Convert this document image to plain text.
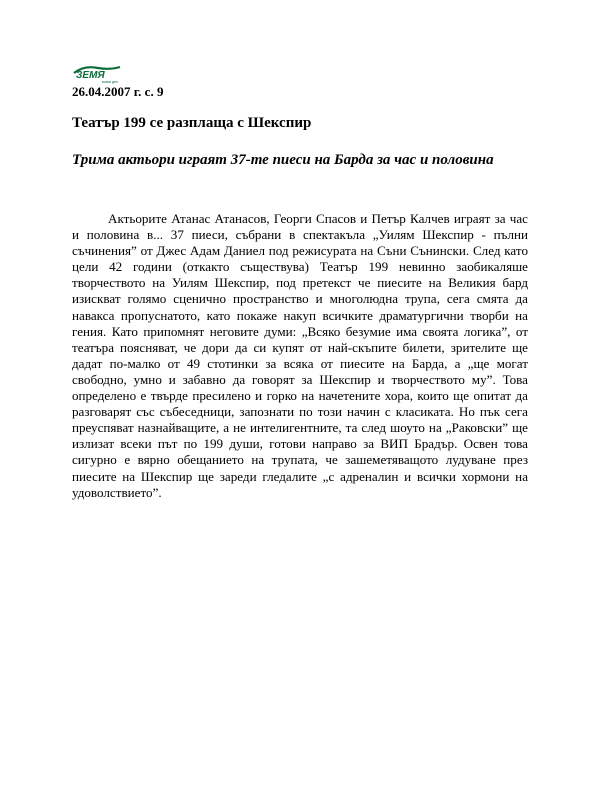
ЗЕМЯ
всеки ден
26.04.2007 г. с. 9
Театър 199 се разплаща с Шекспир
Трима актьори играят 37-те пиеси на Барда за час и половина

Актьорите Атанас Атанасов, Георги Спасов и Петър Калчев играят за час и половина в... 37 пиеси, събрани в спектакъла „Уилям Шекспир - пълни съчинения” от Джес Адам Даниел под режисурата на Съни Сънински. След като цели 42 години (откакто съществува) Театър 199 невинно заобикаляше творчеството на Уилям Шекспир, под претекст че пиесите на Великия бард изискват голямо сценично пространство и многолюдна трупа, сега смята да навакса пропуснатото, като покаже накуп всичките драматургични творби на гения. Като припомнят неговите думи: „Всяко безумие има своята логика”, от театъра поясняват, че дори да си купят от най-скъпите билети, зрителите ще дадат по-малко от 49 стотинки за всяка от пиесите на Барда, а „ще могат свободно, умно и забавно да говорят за Шекспир и творчеството му”. Това определено е твърде пресилено и горко на начетените хора, които ще опитат да разговарят със събеседници, запознати по този начин с класиката. Но пък сега преуспяват назнайващите, а не интелигентните, та след шоуто на „Раковски” ще излизат всеки път по 199 души, готови направо за ВИП Брадър. Освен това сигурно е вярно обещанието на трупата, че зашеметяващото лудуване през пиесите на Шекспир ще зареди гледалите „с адреналин и всички хормони на удоволствието”.
